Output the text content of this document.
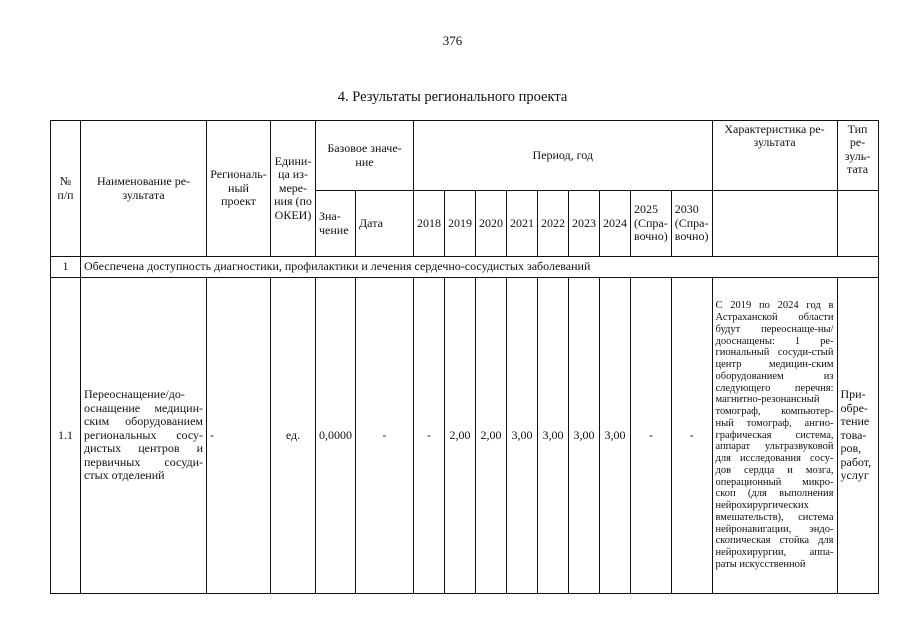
376
4. Результаты регионального проекта
№ п/п	Наименование ре-зультата	Региональ-ный проект	Едини-ца из-мере-ния (по ОКЕИ)	Базовое значе-ние		Период, год									Характеристика ре-зультата	Тип ре-зуль-тата
				Зна-чение	Дата	2018	2019	2020	2021	2022	2023	2024	2025 (Спра-вочно)	2030 (Спра-вочно)		
1	Обеспечена доступность диагностики, профилактики и лечения сердечно-сосудистых заболеваний															
1.1	Переоснащение/до-оснащение медицин-ским оборудованием региональных сосу-дистых центров и первичных сосуди-стых отделений	-	ед.	0,0000	-	-	2,00	2,00	3,00	3,00	3,00	3,00	-	-	С 2019 по 2024 год в Астраханской области будут переоснаще-ны/дооснащены: 1 ре-гиональный сосуди-стый центр медицин-ским оборудованием из следующего перечня: магнитно-резонансный томограф, компьютер-ный томограф, ангио-графическая система, аппарат ультразвуковой для исследования сосу-дов сердца и мозга, операционный микро-скоп (для выполнения нейрохирургических вмешательств), система нейронавигации, эндо-скопическая стойка для нейрохирургии, аппа-раты искусственной	При-обре-тение това-ров, работ, услуг
